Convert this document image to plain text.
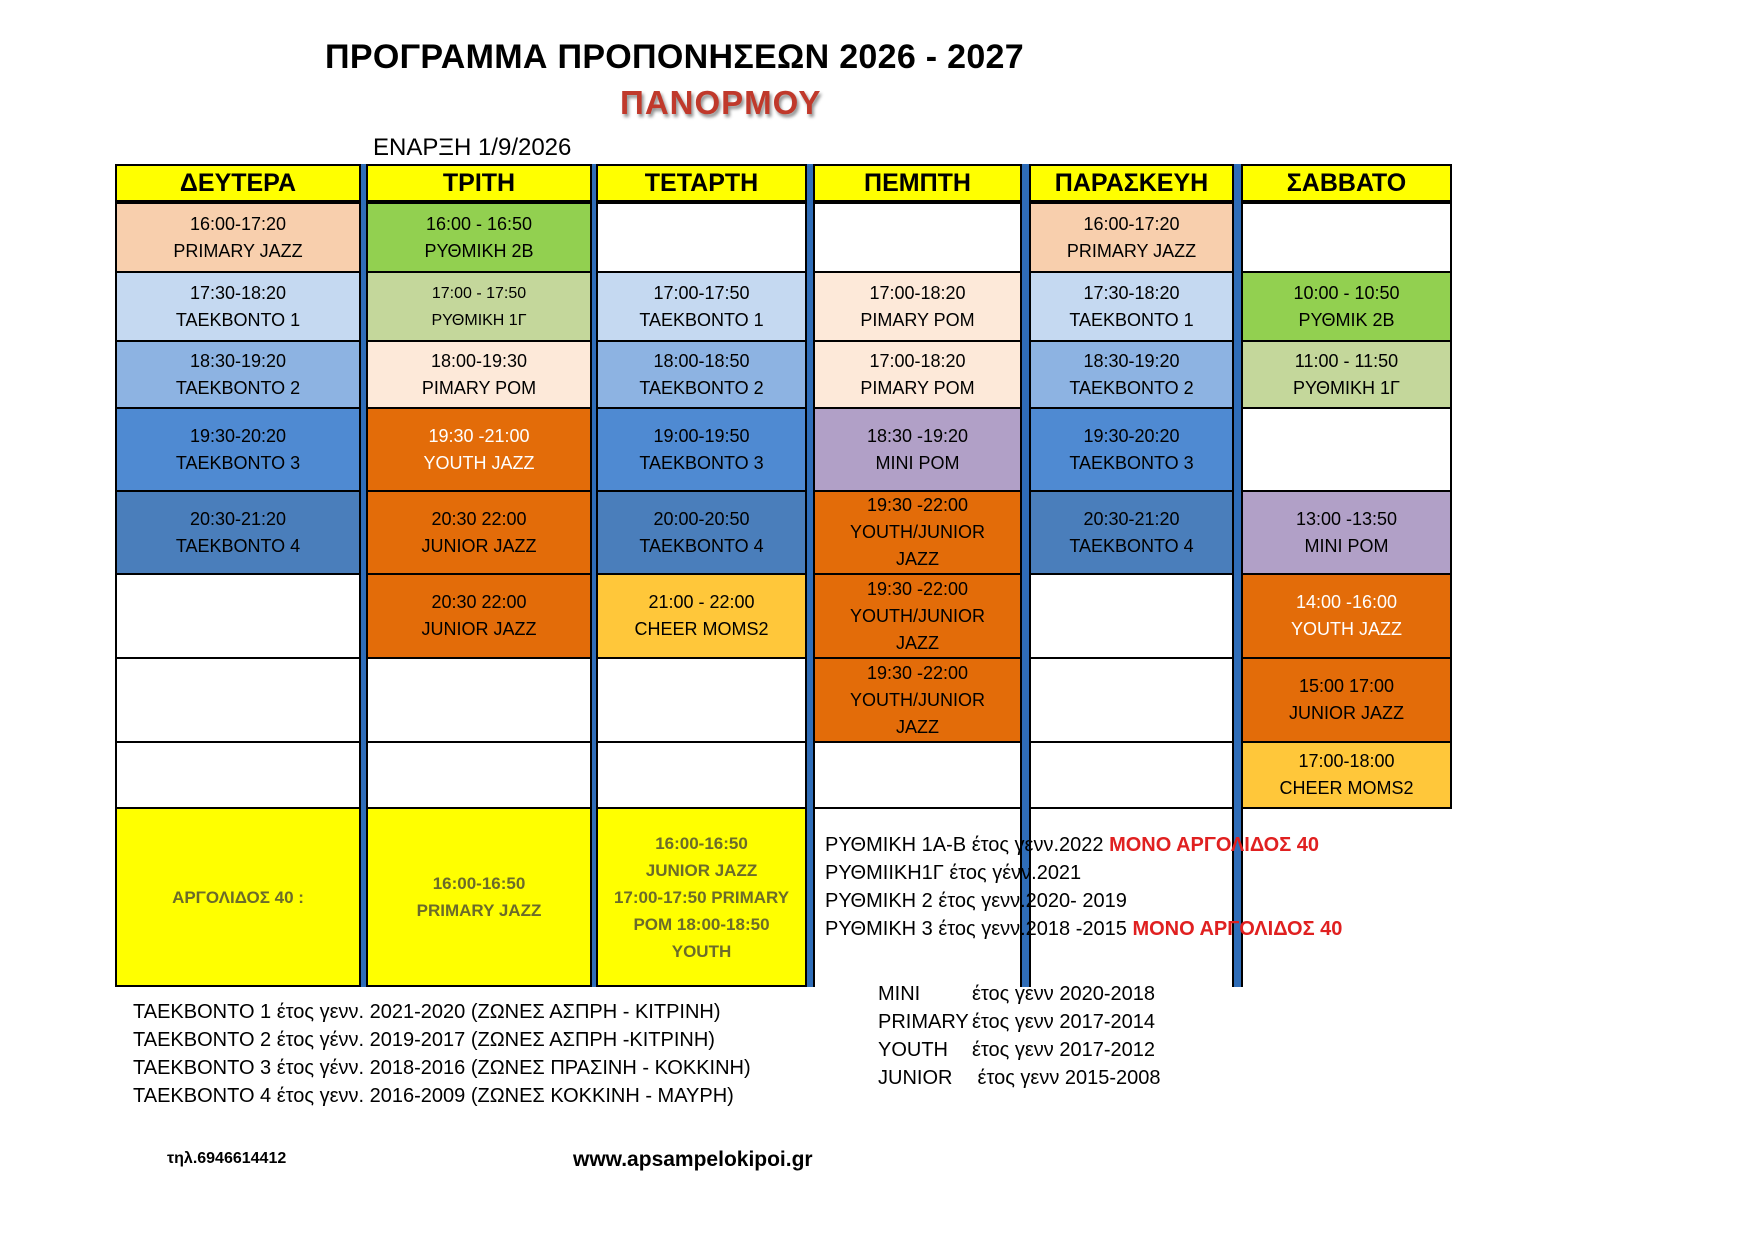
ΠΡΟΓΡΑΜΜΑ ΠΡΟΠΟΝΗΣΕΩΝ 2026 - 2027
ΠΑΝΟΡΜΟΥ
ΕΝΑΡΞΗ 1/9/2026
ΔΕΥΤΕΡΑ
16:00-17:20
PRIMARY JAZZ
17:30-18:20
ΤΑΕΚΒΟΝΤΟ 1
18:30-19:20
ΤΑΕΚΒΟΝΤΟ 2
19:30-20:20
ΤΑΕΚΒΟΝΤΟ 3
20:30-21:20
ΤΑΕΚΒΟΝΤΟ 4
ΑΡΓΟΛΙΔΟΣ 40 :
ΤΡΙΤΗ
16:00 - 16:50
ΡΥΘΜΙΚΗ 2Β
17:00 - 17:50
ΡΥΘΜΙΚΗ 1Γ
18:00-19:30
PIMARY POM
19:30 -21:00
YOUTH JAZZ
20:30 22:00
JUNIOR JAZZ
20:30 22:00
JUNIOR JAZZ
16:00-16:50
PRIMARY JAZZ
ΤΕΤΑΡΤΗ
17:00-17:50
ΤΑΕΚΒΟΝΤΟ 1
18:00-18:50
ΤΑΕΚΒΟΝΤΟ 2
19:00-19:50
ΤΑΕΚΒΟΝΤΟ 3
20:00-20:50
ΤΑΕΚΒΟΝΤΟ 4
21:00 - 22:00
CHEER MOMS2
16:00-16:50
JUNIOR JAZZ
17:00-17:50 PRIMARY
POM 18:00-18:50
YOUTH
ΠΕΜΠΤΗ
17:00-18:20
PIMARY POM
17:00-18:20
PIMARY POM
18:30 -19:20
MINI POM
19:30 -22:00
YOUTH/JUNIOR
JAZZ
19:30 -22:00
YOUTH/JUNIOR
JAZZ
19:30 -22:00
YOUTH/JUNIOR
JAZZ
ΠΑΡΑΣΚΕΥΗ
16:00-17:20
PRIMARY JAZZ
17:30-18:20
ΤΑΕΚΒΟΝΤΟ 1
18:30-19:20
ΤΑΕΚΒΟΝΤΟ 2
19:30-20:20
ΤΑΕΚΒΟΝΤΟ 3
20:30-21:20
ΤΑΕΚΒΟΝΤΟ 4
ΣΑΒΒΑΤΟ
10:00 - 10:50
ΡΥΘΜΙΚ 2Β
11:00 - 11:50
ΡΥΘΜΙΚΗ 1Γ
13:00 -13:50
MINI POM
14:00 -16:00
YOUTH JAZZ
15:00 17:00
JUNIOR JAZZ
17:00-18:00
CHEER MOMS2
ΡΥΘΜΙΚΗ 1Α-Β έτος γενν.2022 ΜΟΝΟ ΑΡΓΟΛΙΔΟΣ 40
ΡΥΘΜΙΙΚΗ1Γ έτος γένν.2021
ΡΥΘΜΙΚΗ 2 έτος γενν.2020- 2019
ΡΥΘΜΙΚΗ 3 έτος γενν.2018 -2015 ΜΟΝΟ ΑΡΓΟΛΙΔΟΣ 40
ΤΑΕΚΒΟΝΤΟ 1 έτος γενν. 2021-2020 (ΖΩΝΕΣ ΑΣΠΡΗ - ΚΙΤΡΙΝΗ)
ΤΑΕΚΒΟΝΤΟ 2 έτος γένν. 2019-2017 (ΖΩΝΕΣ ΑΣΠΡΗ -ΚΙΤΡΙΝΗ)
ΤΑΕΚΒΟΝΤΟ 3 έτος γένν. 2018-2016 (ΖΩΝΕΣ ΠΡΑΣΙΝΗ - ΚΟΚΚΙΝΗ)
ΤΑΕΚΒΟΝΤΟ 4 έτος γενν. 2016-2009 (ΖΩΝΕΣ ΚΟΚΚΙΝΗ - ΜΑΥΡΗ)
MINI	έτος γενν 2020-2018
PRIMARY έτος γενν 2017-2014
YOUTH έτος γενν 2017-2012
JUNIOR έτος γενν 2015-2008
τηλ.6946614412	www.apsampelokipoi.gr
